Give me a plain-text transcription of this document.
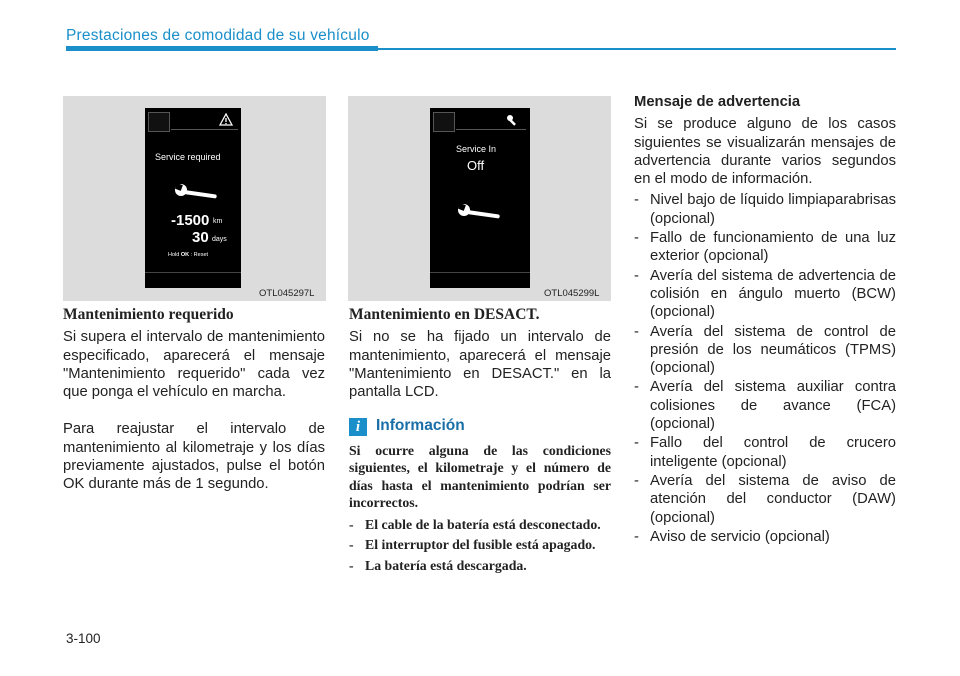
Prestaciones de comodidad de su vehículo
Service required
-1500 km
30 days
Hold OK : Reset
OTL045297L
Service In
Off
OTL045299L
Mantenimiento requerido
Si supera el intervalo de mantenimiento especificado, aparecerá el mensaje "Mantenimiento requerido" cada vez que ponga el vehículo en marcha.
Para reajustar el intervalo de mantenimiento al kilometraje y los días previamente ajustados, pulse el botón OK durante más de 1 segundo.
Mantenimiento en DESACT.
Si no se ha fijado un intervalo de mantenimiento, aparecerá el mensaje "Mantenimiento en DESACT." en la pantalla LCD.
i	Información
Si ocurre alguna de las condiciones siguientes, el kilometraje y el número de días hasta el mantenimiento podrían ser incorrectos.
- El cable de la batería está desconectado.
- El interruptor del fusible está apagado.
- La batería está descargada.
Mensaje de advertencia
Si se produce alguno de los casos siguientes se visualizarán mensajes de advertencia durante varios segundos en el modo de información.
- Nivel bajo de líquido limpiaparabrisas (opcional)
- Fallo de funcionamiento de una luz exterior (opcional)
- Avería del sistema de advertencia de colisión en ángulo muerto (BCW) (opcional)
- Avería del sistema de control de presión de los neumáticos (TPMS) (opcional)
- Avería del sistema auxiliar contra colisiones de avance (FCA) (opcional)
- Fallo del control de crucero inteligente (opcional)
- Avería del sistema de aviso de atención del conductor (DAW) (opcional)
- Aviso de servicio (opcional)
3-100
